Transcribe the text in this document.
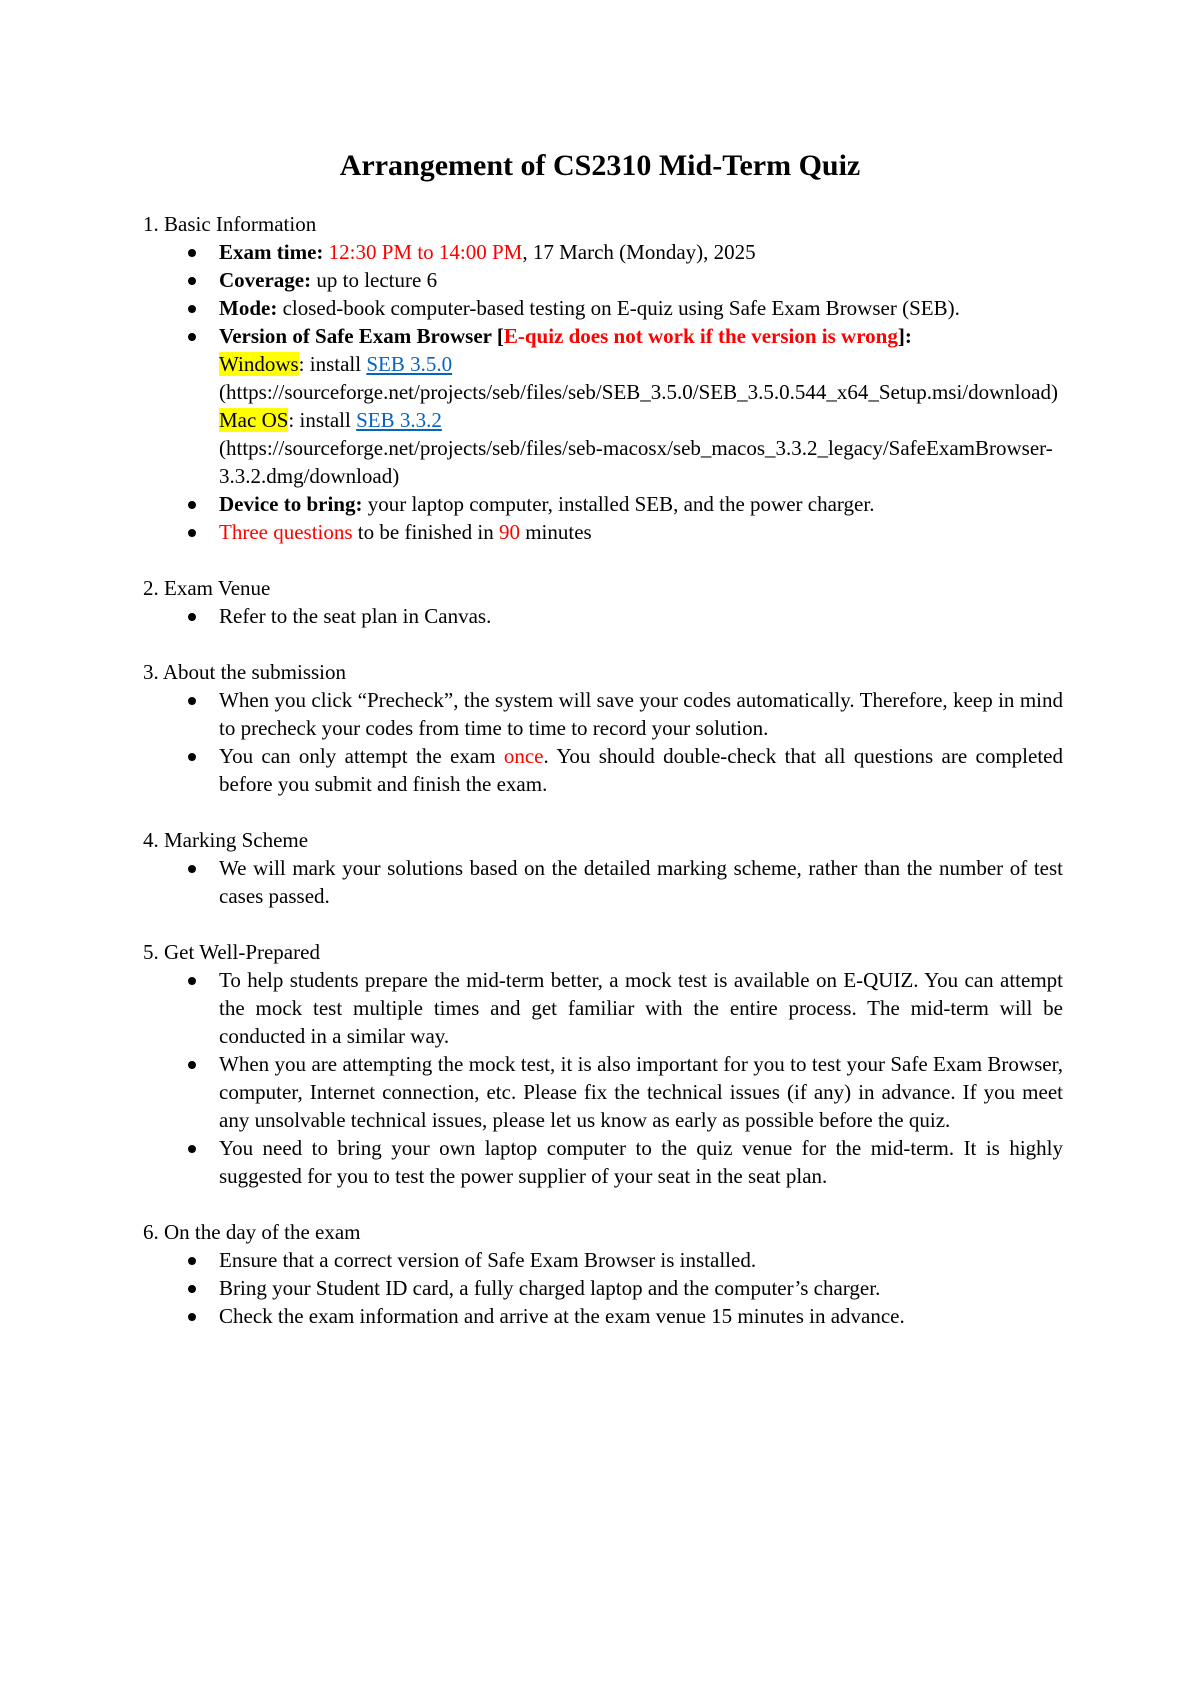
Arrangement of CS2310 Mid-Term Quiz
1. Basic Information
Exam time: 12:30 PM to 14:00 PM, 17 March (Monday), 2025
Coverage: up to lecture 6
Mode: closed-book computer-based testing on E-quiz using Safe Exam Browser (SEB).
Version of Safe Exam Browser [E-quiz does not work if the version is wrong]:
Windows: install SEB 3.5.0
(https://sourceforge.net/projects/seb/files/seb/SEB_3.5.0/SEB_3.5.0.544_x64_Setup.msi/download)
Mac OS: install SEB 3.3.2
(https://sourceforge.net/projects/seb/files/seb-macosx/seb_macos_3.3.2_legacy/SafeExamBrowser-3.3.2.dmg/download)
Device to bring: your laptop computer, installed SEB, and the power charger.
Three questions to be finished in 90 minutes
2. Exam Venue
Refer to the seat plan in Canvas.
3. About the submission
When you click “Precheck”, the system will save your codes automatically. Therefore, keep in mind to precheck your codes from time to time to record your solution.
You can only attempt the exam once. You should double-check that all questions are completed before you submit and finish the exam.
4. Marking Scheme
We will mark your solutions based on the detailed marking scheme, rather than the number of test cases passed.
5. Get Well-Prepared
To help students prepare the mid-term better, a mock test is available on E-QUIZ. You can attempt the mock test multiple times and get familiar with the entire process. The mid-term will be conducted in a similar way.
When you are attempting the mock test, it is also important for you to test your Safe Exam Browser, computer, Internet connection, etc. Please fix the technical issues (if any) in advance. If you meet any unsolvable technical issues, please let us know as early as possible before the quiz.
You need to bring your own laptop computer to the quiz venue for the mid-term. It is highly suggested for you to test the power supplier of your seat in the seat plan.
6. On the day of the exam
Ensure that a correct version of Safe Exam Browser is installed.
Bring your Student ID card, a fully charged laptop and the computer’s charger.
Check the exam information and arrive at the exam venue 15 minutes in advance.
